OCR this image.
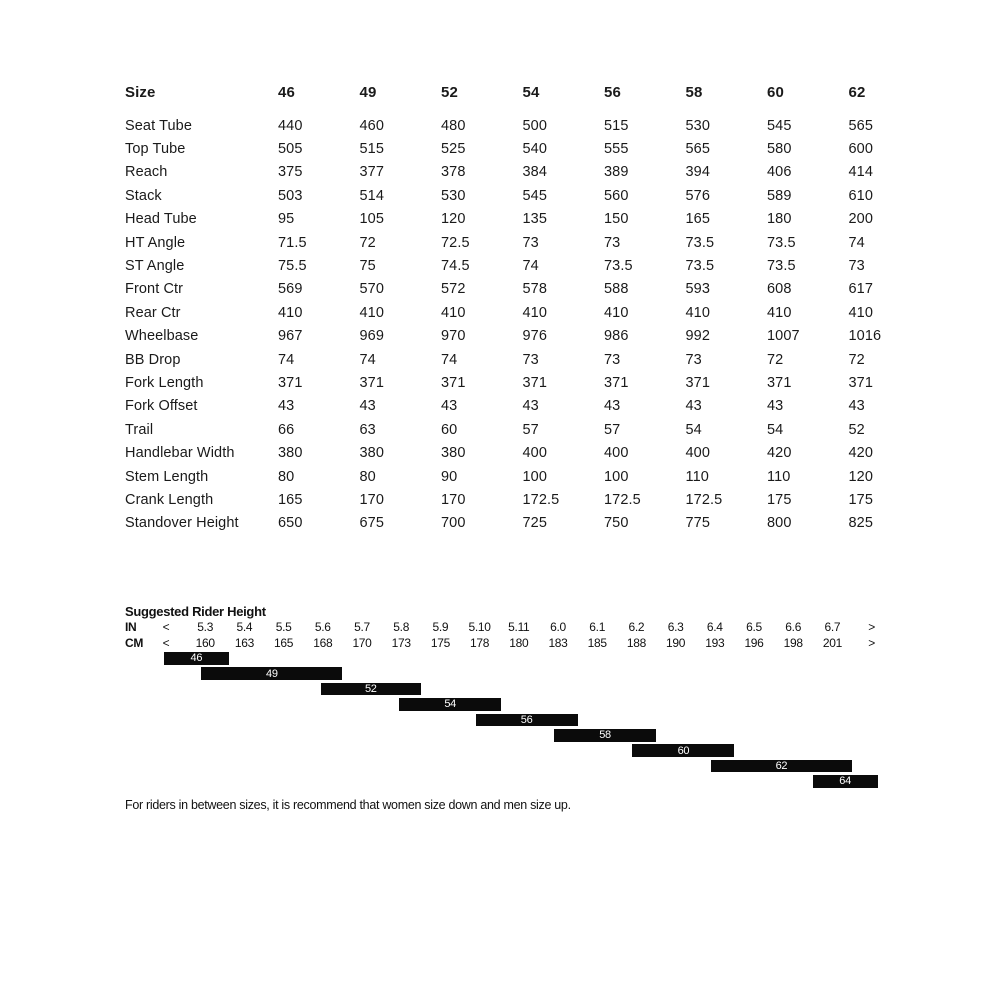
Size	46	49	52	54	56	58	60	62
Seat Tube	440	460	480	500	515	530	545	565
Top Tube	505	515	525	540	555	565	580	600
Reach	375	377	378	384	389	394	406	414
Stack	503	514	530	545	560	576	589	610
Head Tube	95	105	120	135	150	165	180	200
HT Angle	71.5	72	72.5	73	73	73.5	73.5	74
ST Angle	75.5	75	74.5	74	73.5	73.5	73.5	73
Front Ctr	569	570	572	578	588	593	608	617
Rear Ctr	410	410	410	410	410	410	410	410
Wheelbase	967	969	970	976	986	992	1007	1016
BB Drop	74	74	74	73	73	73	72	72
Fork Length	371	371	371	371	371	371	371	371
Fork Offset	43	43	43	43	43	43	43	43
Trail	66	63	60	57	57	54	54	52
Handlebar Width	380	380	380	400	400	400	420	420
Stem Length	80	80	90	100	100	110	110	120
Crank Length	165	170	170	172.5	172.5	172.5	175	175
Standover Height	650	675	700	725	750	775	800	825
Suggested Rider Height
IN < 5.3 5.4 5.5 5.6 5.7 5.8 5.9 5.10 5.11 6.0 6.1 6.2 6.3 6.4 6.5 6.6 6.7 >
CM < 160 163 165 168 170 173 175 178 180 183 185 188 190 193 196 198 201 >
46
49
52
54
56
58
60
62
64
For riders in between sizes, it is recommend that women size down and men size up.
